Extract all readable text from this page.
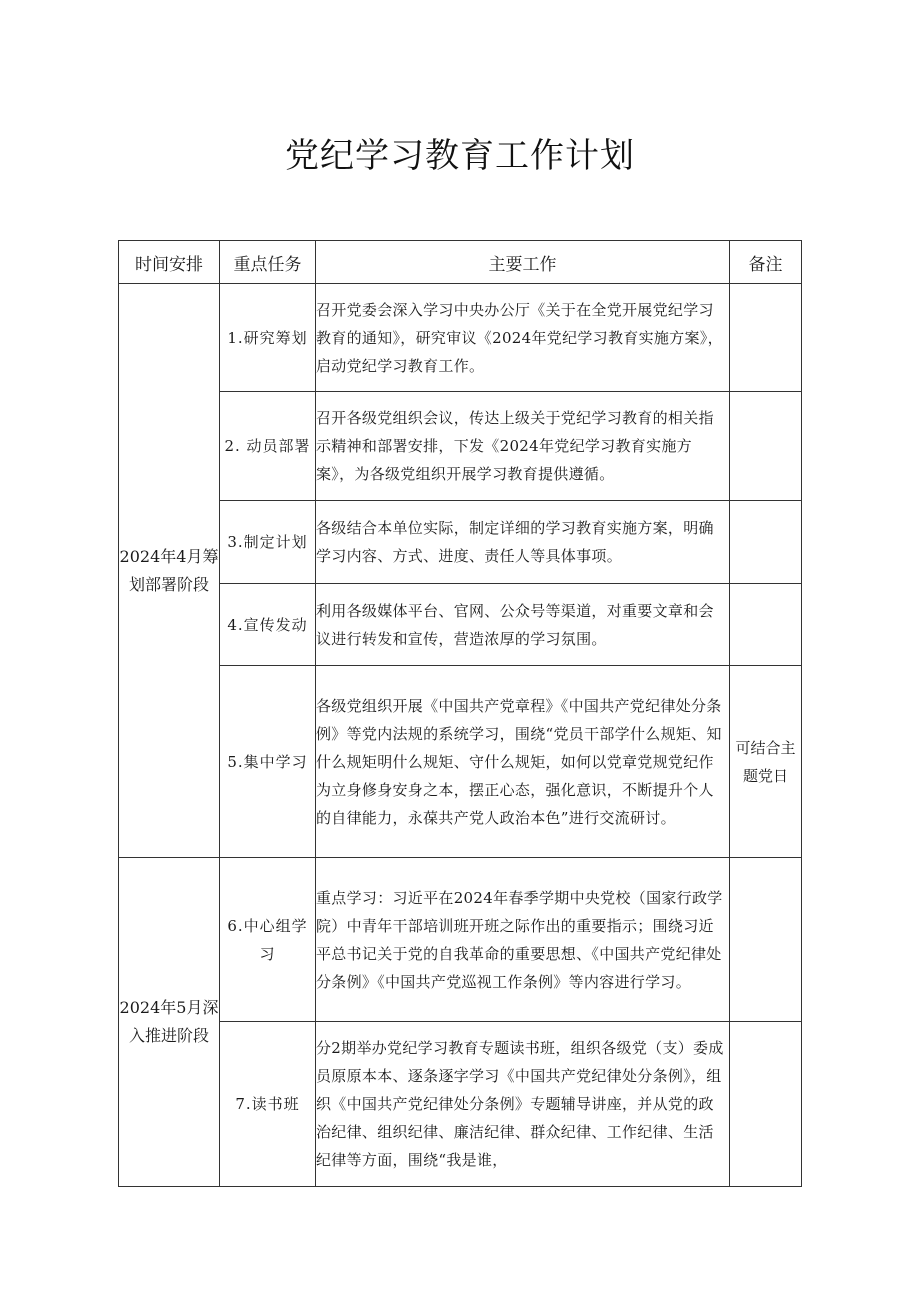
党纪学习教育工作计划
时间安排	重点任务	主要工作	备注
2024年4月筹划部署阶段	1.研究筹划	召开党委会深入学习中央办公厅《关于在全党开展党纪学习教育的通知》，研究审议《2024年党纪学习教育实施方案》，启动党纪学习教育工作。	
	2. 动员部署	召开各级党组织会议，传达上级关于党纪学习教育的相关指示精神和部署安排，下发《2024年党纪学习教育实施方案》，为各级党组织开展学习教育提供遵循。	
	3.制定计划	各级结合本单位实际，制定详细的学习教育实施方案，明确学习内容、方式、进度、责任人等具体事项。	
	4.宣传发动	利用各级媒体平台、官网、公众号等渠道，对重要文章和会议进行转发和宣传，营造浓厚的学习氛围。	
	5.集中学习	各级党组织开展《中国共产党章程》《中国共产党纪律处分条例》等党内法规的系统学习，围绕“党员干部学什么规矩、知什么规矩明什么规矩、守什么规矩，如何以党章党规党纪作为立身修身安身之本，摆正心态，强化意识，不断提升个人的自律能力，永葆共产党人政治本色”进行交流研讨。	可结合主题党日
2024年5月深入推进阶段	6.中心组学习	重点学习：习近平在2024年春季学期中央党校（国家行政学院）中青年干部培训班开班之际作出的重要指示；围绕习近平总书记关于党的自我革命的重要思想、《中国共产党纪律处分条例》《中国共产党巡视工作条例》等内容进行学习。	
	7.读书班	分2期举办党纪学习教育专题读书班，组织各级党（支）委成员原原本本、逐条逐字学习《中国共产党纪律处分条例》，组织《中国共产党纪律处分条例》专题辅导讲座，并从党的政治纪律、组织纪律、廉洁纪律、群众纪律、工作纪律、生活纪律等方面，围绕“我是谁，	
